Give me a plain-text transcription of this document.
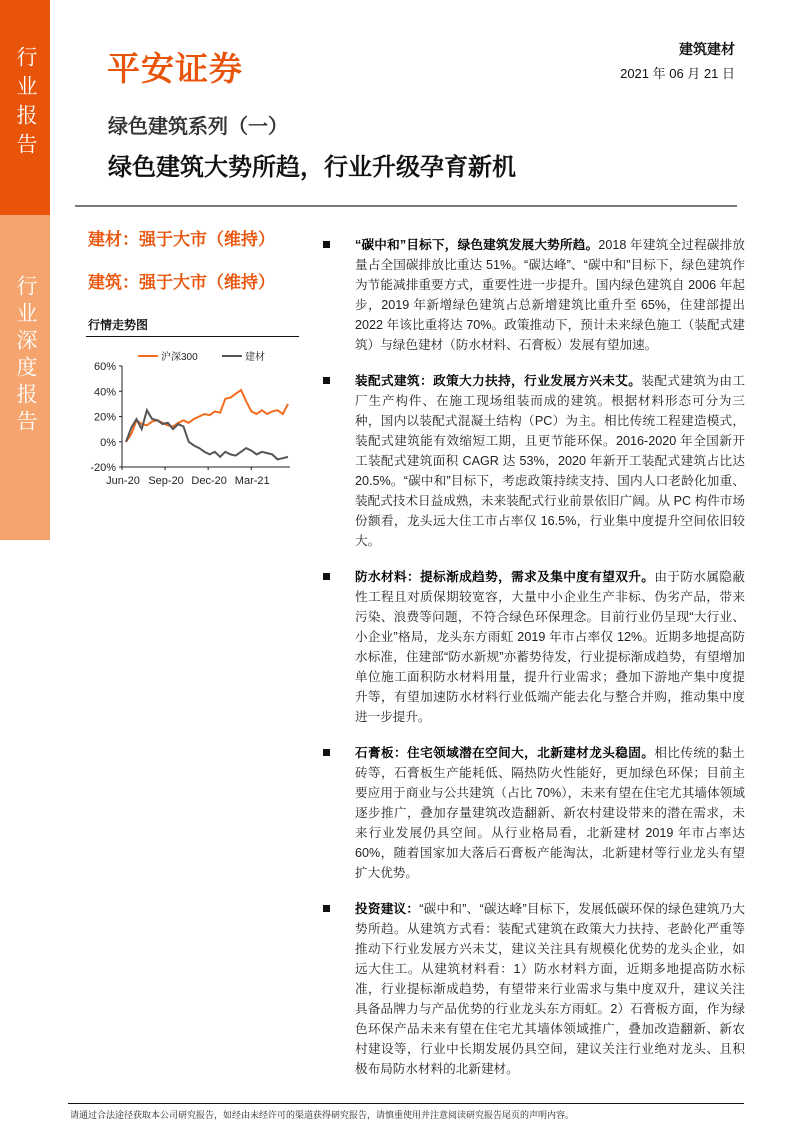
行业报告
行业深度报告
平安证券
建筑建材
2021 年 06 月 21 日
绿色建筑系列（一）
绿色建筑大势所趋，行业升级孕育新机
建材：强于大市（维持）
建筑：强于大市（维持）
行情走势图
60%
40%
20%
0%
-20%
Jun-20 Sep-20 Dec-20 Mar-21
沪深300	建材
“碳中和”目标下，绿色建筑发展大势所趋。2018 年建筑全过程碳排放量占全国碳排放比重达 51%。“碳达峰”、“碳中和”目标下，绿色建筑作为节能减排重要方式，重要性进一步提升。国内绿色建筑自 2006 年起步，2019 年新增绿色建筑占总新增建筑比重升至 65%，住建部提出 2022 年该比重将达 70%。政策推动下，预计未来绿色施工（装配式建筑）与绿色建材（防水材料、石膏板）发展有望加速。
装配式建筑：政策大力扶持，行业发展方兴未艾。装配式建筑为由工厂生产构件、在施工现场组装而成的建筑。根据材料形态可分为三种，国内以装配式混凝土结构（PC）为主。相比传统工程建造模式，装配式建筑能有效缩短工期，且更节能环保。2016-2020 年全国新开工装配式建筑面积 CAGR 达 53%，2020 年新开工装配式建筑占比达 20.5%。“碳中和”目标下，考虑政策持续支持、国内人口老龄化加重、装配式技术日益成熟，未来装配式行业前景依旧广阔。从 PC 构件市场份额看，龙头远大住工市占率仅 16.5%，行业集中度提升空间依旧较大。
防水材料：提标渐成趋势，需求及集中度有望双升。由于防水属隐蔽性工程且对质保期较宽容，大量中小企业生产非标、伪劣产品，带来污染、浪费等问题，不符合绿色环保理念。目前行业仍呈现“大行业、小企业”格局，龙头东方雨虹 2019 年市占率仅 12%。近期多地提高防水标准，住建部“防水新规”亦蓄势待发，行业提标渐成趋势，有望增加单位施工面积防水材料用量，提升行业需求；叠加下游地产集中度提升等，有望加速防水材料行业低端产能去化与整合并购，推动集中度进一步提升。
石膏板：住宅领域潜在空间大，北新建材龙头稳固。相比传统的黏土砖等，石膏板生产能耗低、隔热防火性能好，更加绿色环保；目前主要应用于商业与公共建筑（占比 70%），未来有望在住宅尤其墙体领域逐步推广，叠加存量建筑改造翻新、新农村建设带来的潜在需求，未来行业发展仍具空间。从行业格局看，北新建材 2019 年市占率达 60%，随着国家加大落后石膏板产能淘汰，北新建材等行业龙头有望扩大优势。
投资建议：“碳中和”、“碳达峰”目标下，发展低碳环保的绿色建筑乃大势所趋。从建筑方式看：装配式建筑在政策大力扶持、老龄化严重等推动下行业发展方兴未艾，建议关注具有规模化优势的龙头企业，如远大住工。从建筑材料看：1）防水材料方面，近期多地提高防水标准，行业提标渐成趋势，有望带来行业需求与集中度双升，建议关注具备品牌力与产品优势的行业龙头东方雨虹。2）石膏板方面，作为绿色环保产品未来有望在住宅尤其墙体领域推广，叠加改造翻新、新农村建设等，行业中长期发展仍具空间，建议关注行业绝对龙头、且积极布局防水材料的北新建材。
请通过合法途径获取本公司研究报告，如经由未经许可的渠道获得研究报告，请慎重使用并注意阅读研究报告尾页的声明内容。
